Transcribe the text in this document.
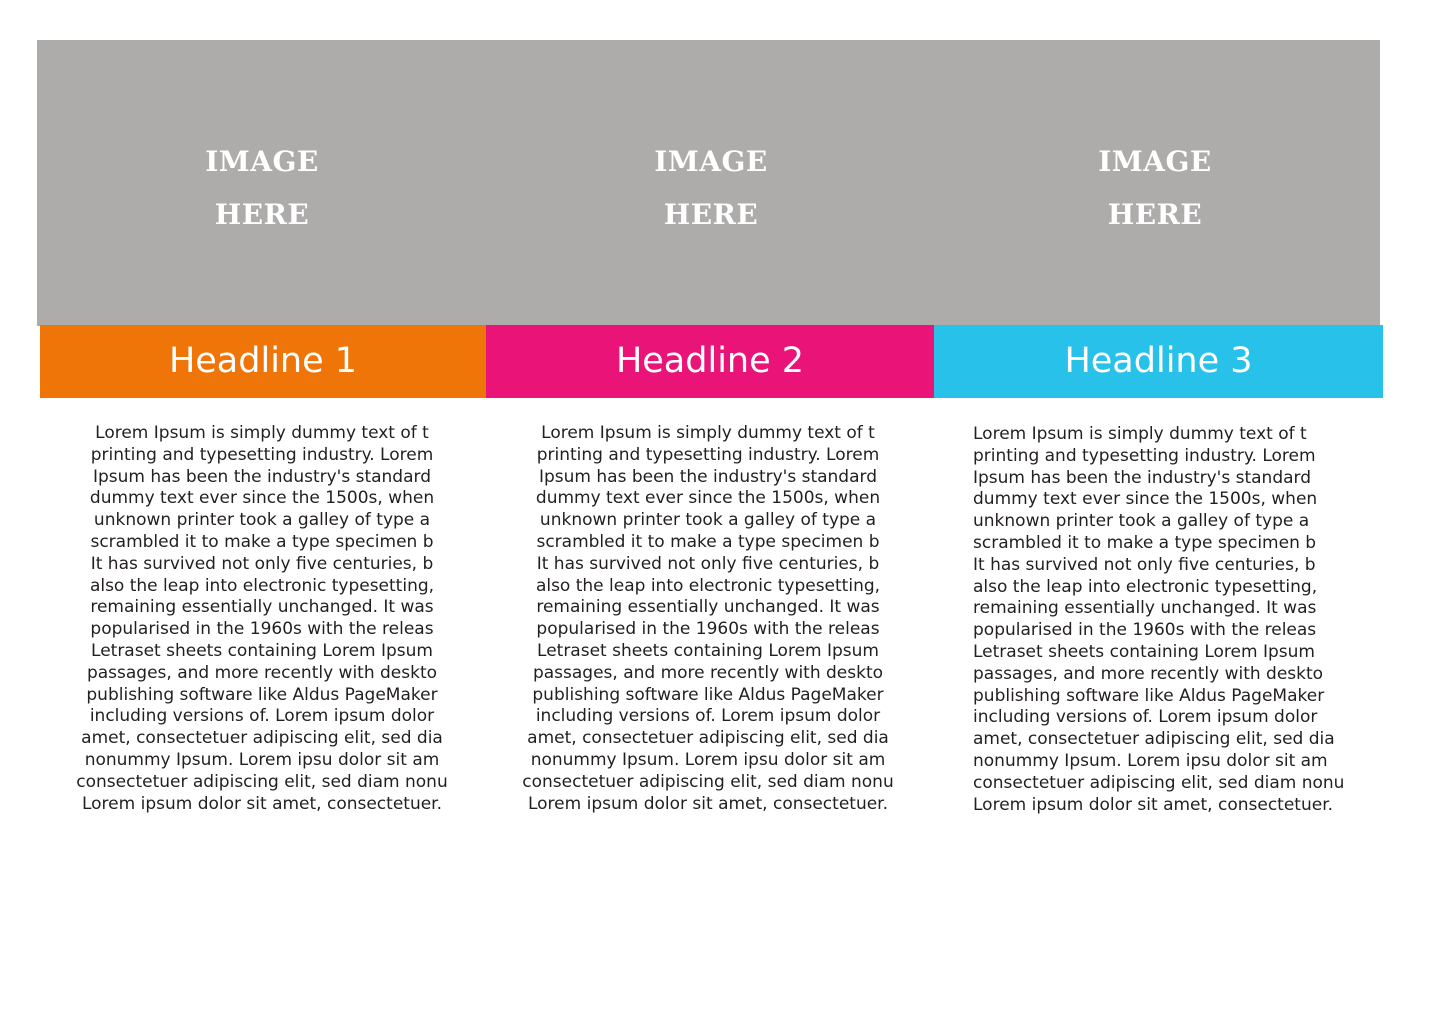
IMAGE
HERE
IMAGE
HERE
IMAGE
HERE
Headline 1	Headline 2	Headline 3

Lorem Ipsum is simply dummy text of t
printing and typesetting industry. Lorem
Ipsum has been the industry's standard
dummy text ever since the 1500s, when
unknown printer took a galley of type a
scrambled it to make a type specimen b
It has survived not only five centuries, b
also the leap into electronic typesetting,
remaining essentially unchanged. It was
popularised in the 1960s with the releas
Letraset sheets containing Lorem Ipsum
passages, and more recently with deskto
publishing software like Aldus PageMaker
including versions of. Lorem ipsum dolor
amet, consectetuer adipiscing elit, sed dia
nonummy Ipsum. Lorem ipsu dolor sit am
consectetuer adipiscing elit, sed diam nonu
Lorem ipsum dolor sit amet, consectetuer.

Lorem Ipsum is simply dummy text of t
printing and typesetting industry. Lorem
Ipsum has been the industry's standard
dummy text ever since the 1500s, when
unknown printer took a galley of type a
scrambled it to make a type specimen b
It has survived not only five centuries, b
also the leap into electronic typesetting,
remaining essentially unchanged. It was
popularised in the 1960s with the releas
Letraset sheets containing Lorem Ipsum
passages, and more recently with deskto
publishing software like Aldus PageMaker
including versions of. Lorem ipsum dolor
amet, consectetuer adipiscing elit, sed dia
nonummy Ipsum. Lorem ipsu dolor sit am
consectetuer adipiscing elit, sed diam nonu
Lorem ipsum dolor sit amet, consectetuer.

Lorem Ipsum is simply dummy text of t
printing and typesetting industry. Lorem
Ipsum has been the industry's standard
dummy text ever since the 1500s, when
unknown printer took a galley of type a
scrambled it to make a type specimen b
It has survived not only five centuries, b
also the leap into electronic typesetting,
remaining essentially unchanged. It was
popularised in the 1960s with the releas
Letraset sheets containing Lorem Ipsum
passages, and more recently with deskto
publishing software like Aldus PageMaker
including versions of. Lorem ipsum dolor
amet, consectetuer adipiscing elit, sed dia
nonummy Ipsum. Lorem ipsu dolor sit am
consectetuer adipiscing elit, sed diam nonu
Lorem ipsum dolor sit amet, consectetuer.
